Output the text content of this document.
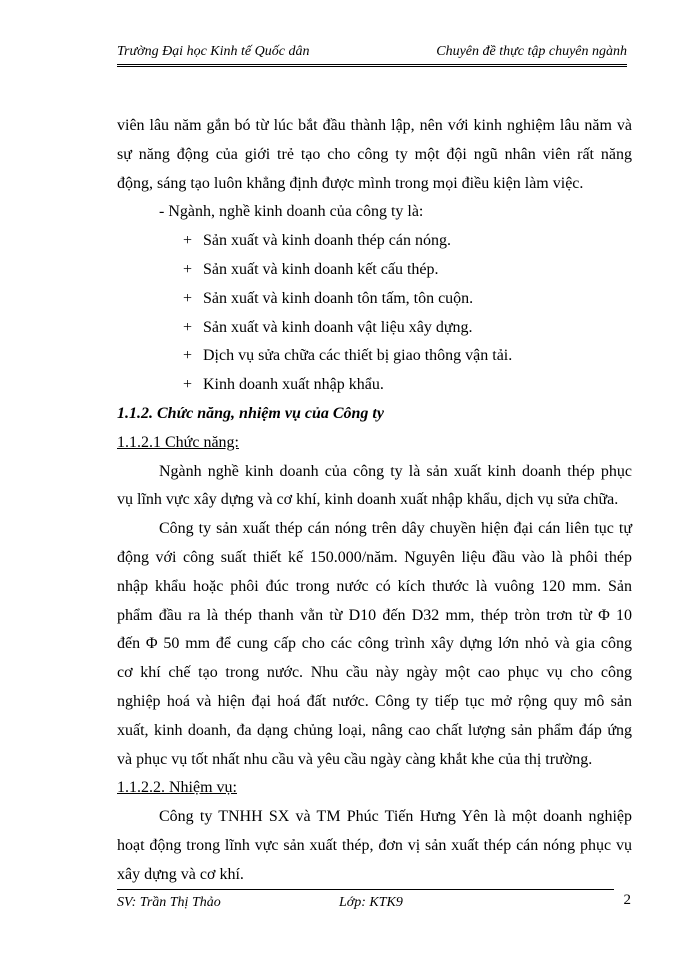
Trường Đại học Kinh tế Quốc dân	Chuyên đề thực tập chuyên ngành
viên lâu năm gắn bó từ lúc bắt đầu thành lập, nên với kinh nghiệm lâu năm và
sự năng động của giới trẻ tạo cho công ty một đội ngũ nhân viên rất năng
động, sáng tạo luôn khẳng định được mình trong mọi điều kiện làm việc.
- Ngành, nghề kinh doanh của công ty là:
+ Sản xuất và kinh doanh thép cán nóng.
+ Sản xuất và kinh doanh kết cấu thép.
+ Sản xuất và kinh doanh tôn tấm, tôn cuộn.
+ Sản xuất và kinh doanh vật liệu xây dựng.
+ Dịch vụ sửa chữa các thiết bị giao thông vận tải.
+ Kinh doanh xuất nhập khẩu.
1.1.2. Chức năng, nhiệm vụ của Công ty
1.1.2.1 Chức năng:
Ngành nghề kinh doanh của công ty là sản xuất kinh doanh thép phục
vụ lĩnh vực xây dựng và cơ khí, kinh doanh xuất nhập khẩu, dịch vụ sửa chữa.
Công ty sản xuất thép cán nóng trên dây chuyền hiện đại cán liên tục tự
động với công suất thiết kế 150.000/năm. Nguyên liệu đầu vào là phôi thép
nhập khẩu hoặc phôi đúc trong nước có kích thước là vuông 120 mm. Sản
phẩm đầu ra là thép thanh vằn từ D10 đến D32 mm, thép tròn trơn từ Φ 10
đến Φ 50 mm để cung cấp cho các công trình xây dựng lớn nhỏ và gia công
cơ khí chế tạo trong nước. Nhu cầu này ngày một cao phục vụ cho công
nghiệp hoá và hiện đại hoá đất nước. Công ty tiếp tục mở rộng quy mô sản
xuất, kinh doanh, đa dạng chủng loại, nâng cao chất lượng sản phẩm đáp ứng
và phục vụ tốt nhất nhu cầu và yêu cầu ngày càng khắt khe của thị trường.
1.1.2.2. Nhiệm vụ:
Công ty TNHH SX và TM Phúc Tiến Hưng Yên là một doanh nghiệp
hoạt động trong lĩnh vực sản xuất thép, đơn vị sản xuất thép cán nóng phục vụ
xây dựng và cơ khí.
SV: Trần Thị Thảo	Lớp: KTK9	2
